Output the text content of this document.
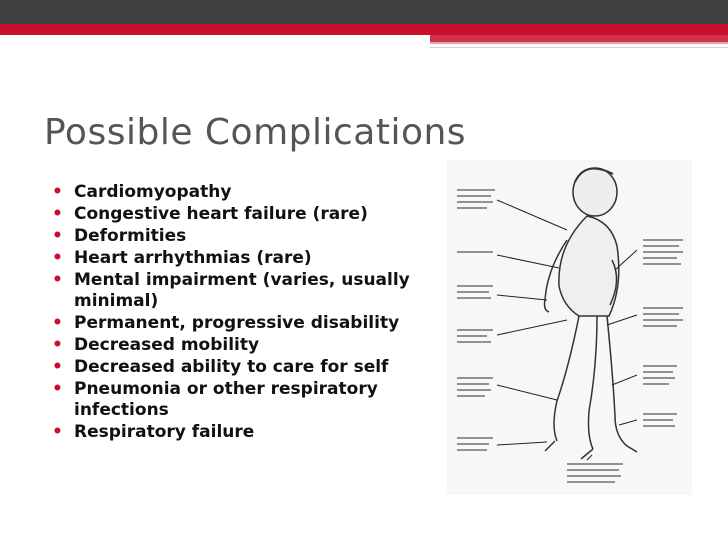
Possible Complications
• Cardiomyopathy
• Congestive heart failure (rare)
• Deformities
• Heart arrhythmias (rare)
• Mental impairment (varies, usually minimal)
• Permanent, progressive disability
• Decreased mobility
• Decreased ability to care for self
• Pneumonia or other respiratory infections
• Respiratory failure
